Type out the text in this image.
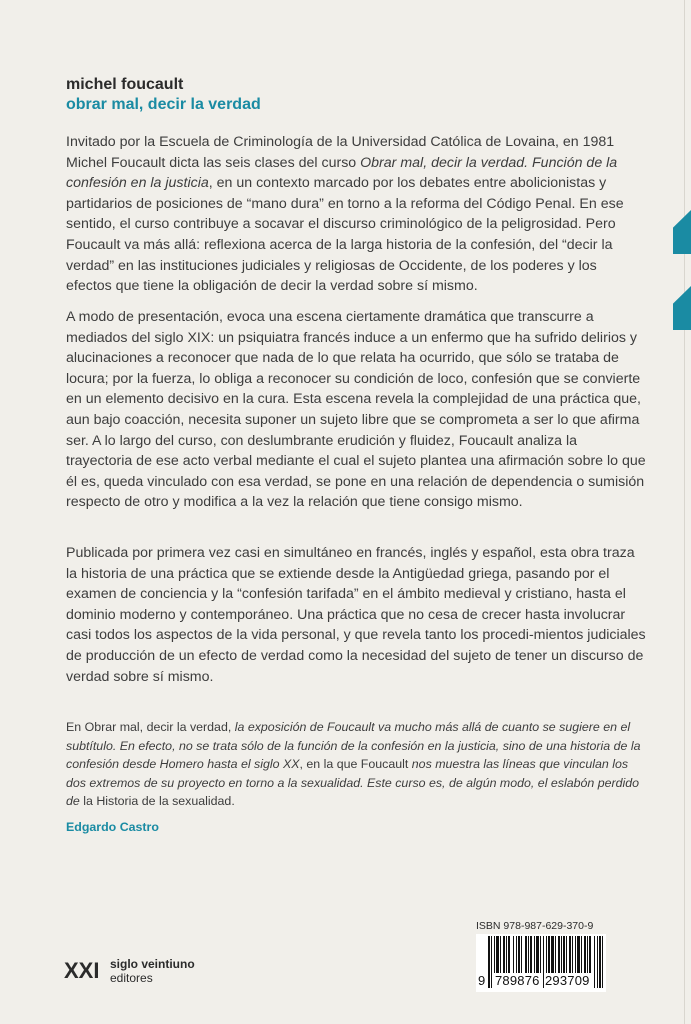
michel foucault
obrar mal, decir la verdad
Invitado por la Escuela de Criminología de la Universidad Católica de Lovaina, en 1981 Michel Foucault dicta las seis clases del curso Obrar mal, decir la verdad. Función de la confesión en la justicia, en un contexto marcado por los debates entre abolicionistas y partidarios de posiciones de “mano dura” en torno a la reforma del Código Penal. En ese sentido, el curso contribuye a socavar el discurso criminológico de la peligrosidad. Pero Foucault va más allá: reflexiona acerca de la larga historia de la confesión, del “decir la verdad” en las instituciones judiciales y religiosas de Occidente, de los poderes y los efectos que tiene la obligación de decir la verdad sobre sí mismo.
A modo de presentación, evoca una escena ciertamente dramática que transcurre a mediados del siglo XIX: un psiquiatra francés induce a un enfermo que ha sufrido delirios y alucinaciones a reconocer que nada de lo que relata ha ocurrido, que sólo se trataba de locura; por la fuerza, lo obliga a reconocer su condición de loco, confesión que se convierte en un elemento decisivo en la cura. Esta escena revela la complejidad de una práctica que, aun bajo coacción, necesita suponer un sujeto libre que se comprometa a ser lo que afirma ser. A lo largo del curso, con deslumbrante erudición y fluidez, Foucault analiza la trayectoria de ese acto verbal mediante el cual el sujeto plantea una afirmación sobre lo que él es, queda vinculado con esa verdad, se pone en una relación de dependencia o sumisión respecto de otro y modifica a la vez la relación que tiene consigo mismo.
Publicada por primera vez casi en simultáneo en francés, inglés y español, esta obra traza la historia de una práctica que se extiende desde la Antigüedad griega, pasando por el examen de conciencia y la “confesión tarifada” en el ámbito medieval y cristiano, hasta el dominio moderno y contemporáneo. Una práctica que no cesa de crecer hasta involucrar casi todos los aspectos de la vida personal, y que revela tanto los procedi-mientos judiciales de producción de un efecto de verdad como la necesidad del sujeto de tener un discurso de verdad sobre sí mismo.
En Obrar mal, decir la verdad, la exposición de Foucault va mucho más allá de cuanto se sugiere en el subtítulo. En efecto, no se trata sólo de la función de la confesión en la justicia, sino de una historia de la confesión desde Homero hasta el siglo XX, en la que Foucault nos muestra las líneas que vinculan los dos extremos de su proyecto en torno a la sexualidad. Este curso es, de algún modo, el eslabón perdido de la Historia de la sexualidad.
Edgardo Castro
ISBN 978-987-629-370-9
9 789876 293709
XXI siglo veintiuno
editores
